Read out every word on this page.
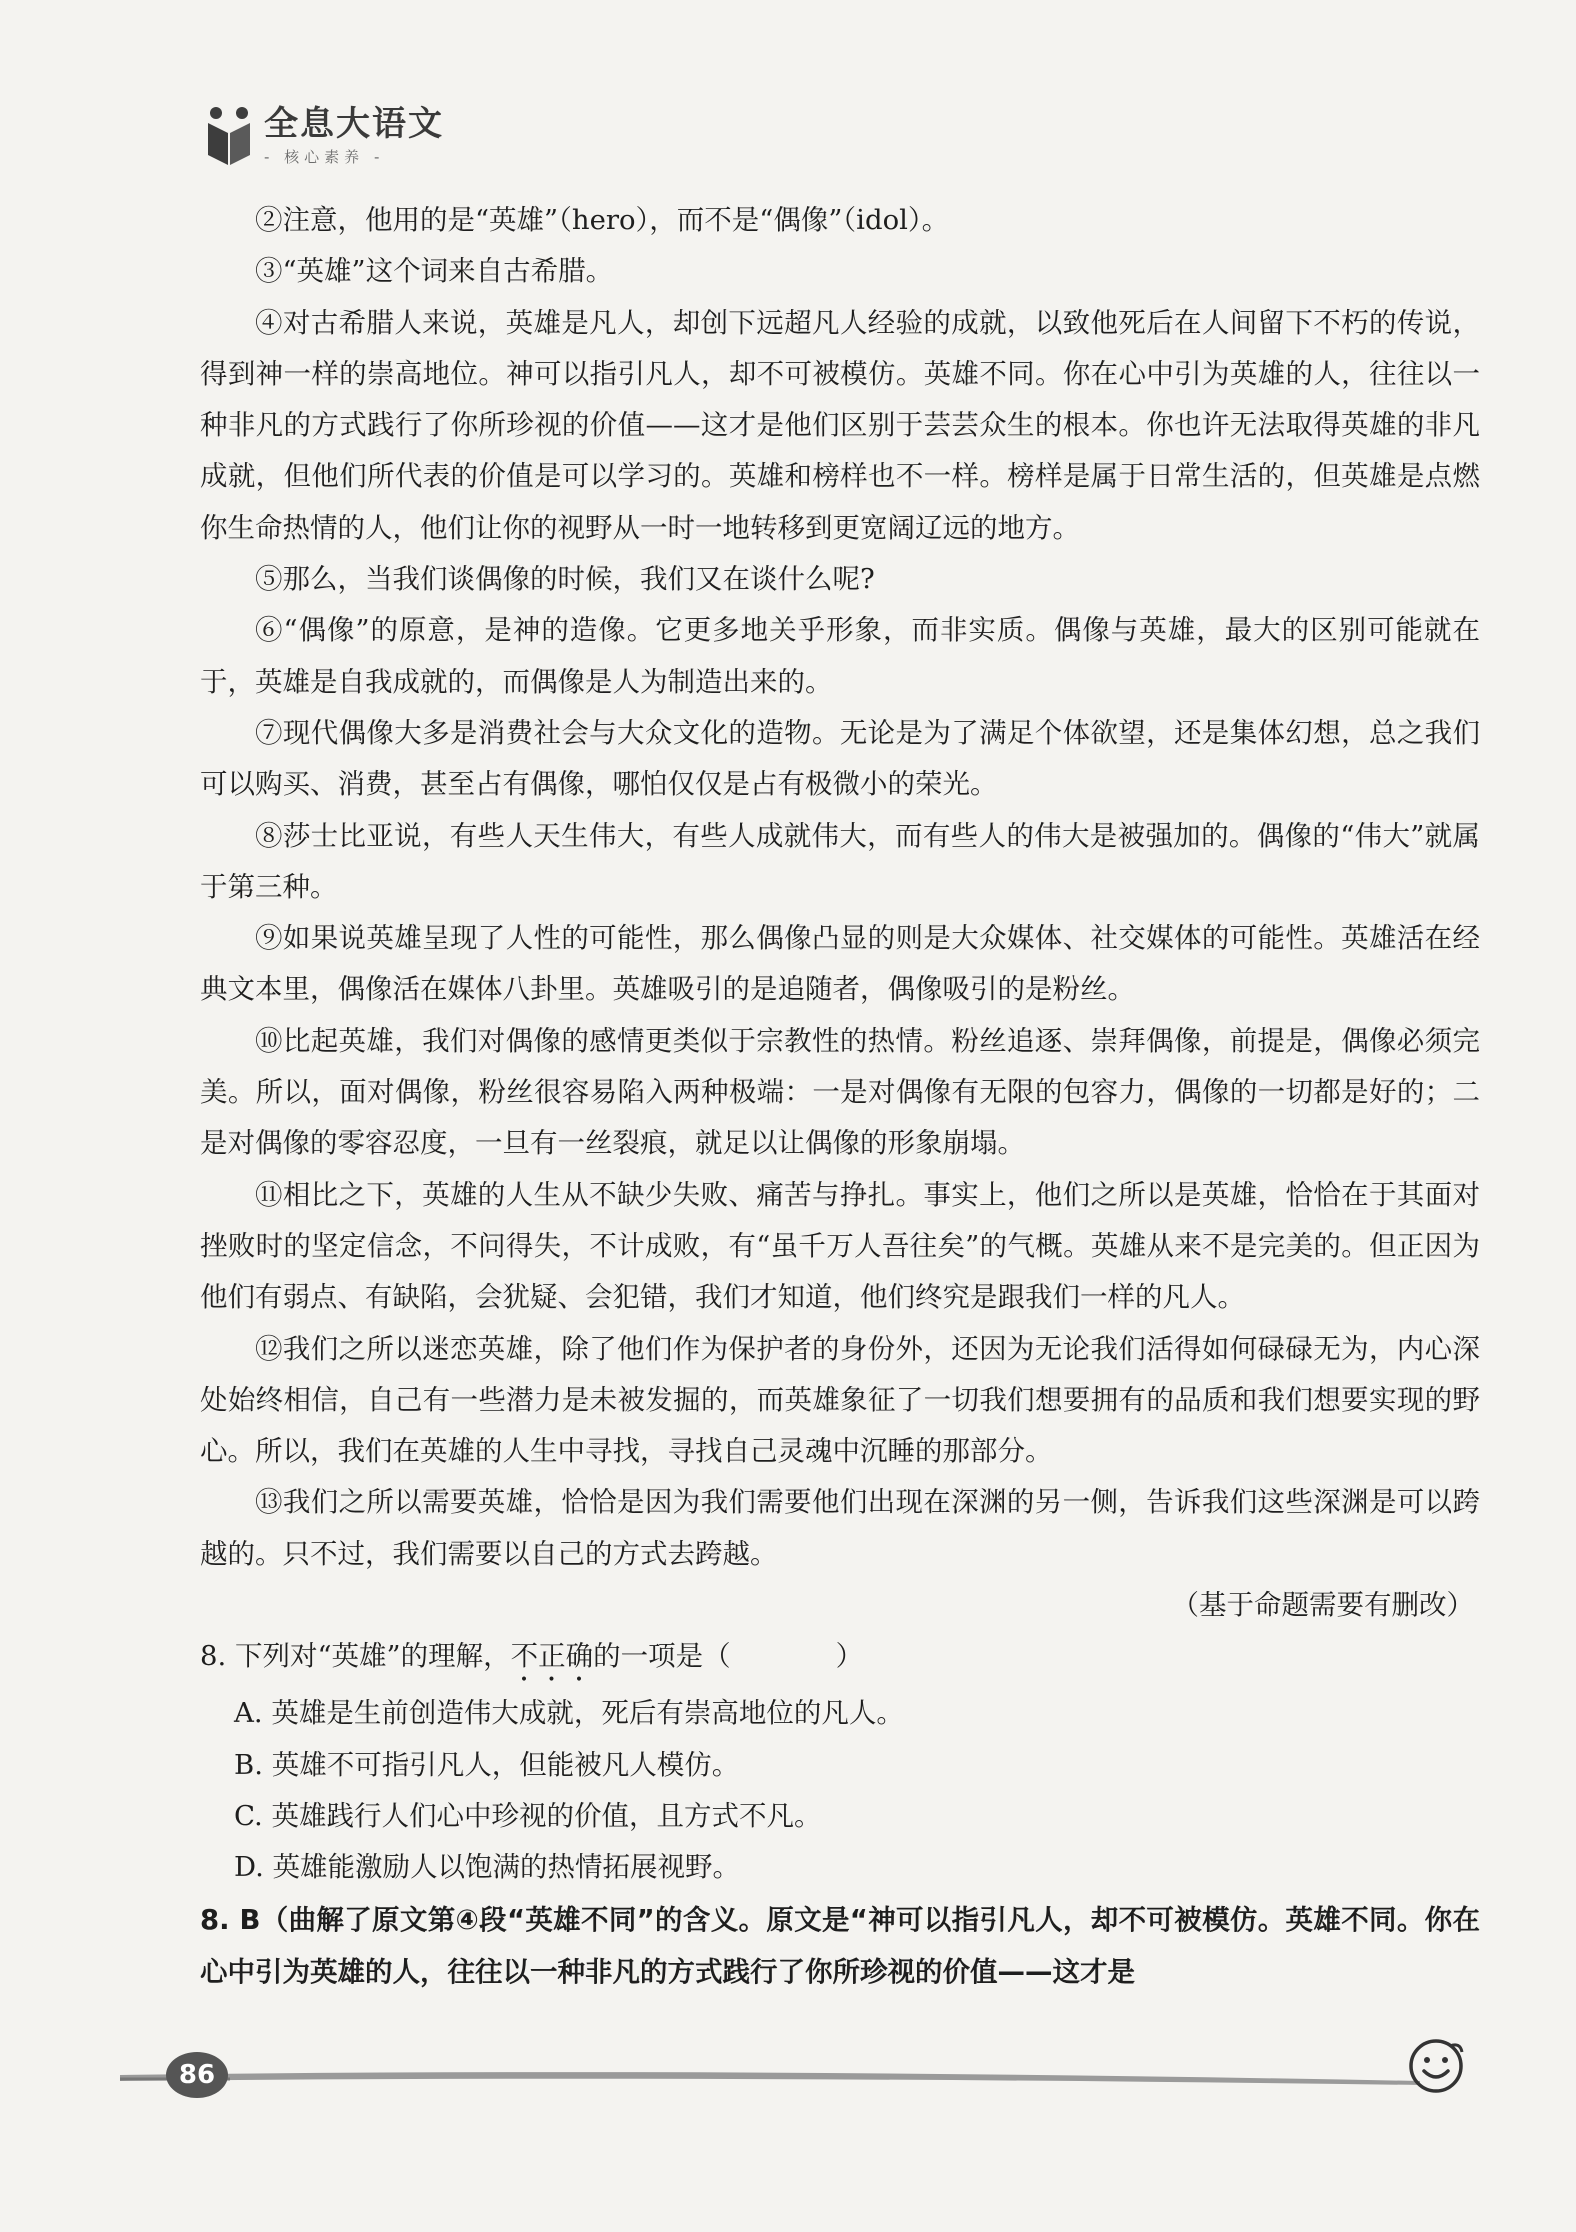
全息大语文
- 核心素养 -

②注意，他用的是“英雄”（hero），而不是“偶像”（idol）。

③“英雄”这个词来自古希腊。

④对古希腊人来说，英雄是凡人，却创下远超凡人经验的成就，以致他死后在人间留下不朽的传说，得到神一样的崇高地位。神可以指引凡人，却不可被模仿。英雄不同。你在心中引为英雄的人，往往以一种非凡的方式践行了你所珍视的价值——这才是他们区别于芸芸众生的根本。你也许无法取得英雄的非凡成就，但他们所代表的价值是可以学习的。英雄和榜样也不一样。榜样是属于日常生活的，但英雄是点燃你生命热情的人，他们让你的视野从一时一地转移到更宽阔辽远的地方。

⑤那么，当我们谈偶像的时候，我们又在谈什么呢?

⑥“偶像”的原意，是神的造像。它更多地关乎形象，而非实质。偶像与英雄，最大的区别可能就在于，英雄是自我成就的，而偶像是人为制造出来的。

⑦现代偶像大多是消费社会与大众文化的造物。无论是为了满足个体欲望，还是集体幻想，总之我们可以购买、消费，甚至占有偶像，哪怕仅仅是占有极微小的荣光。

⑧莎士比亚说，有些人天生伟大，有些人成就伟大，而有些人的伟大是被强加的。偶像的“伟大”就属于第三种。

⑨如果说英雄呈现了人性的可能性，那么偶像凸显的则是大众媒体、社交媒体的可能性。英雄活在经典文本里，偶像活在媒体八卦里。英雄吸引的是追随者，偶像吸引的是粉丝。

⑩比起英雄，我们对偶像的感情更类似于宗教性的热情。粉丝追逐、崇拜偶像，前提是，偶像必须完美。所以，面对偶像，粉丝很容易陷入两种极端：一是对偶像有无限的包容力，偶像的一切都是好的；二是对偶像的零容忍度，一旦有一丝裂痕，就足以让偶像的形象崩塌。

⑪相比之下，英雄的人生从不缺少失败、痛苦与挣扎。事实上，他们之所以是英雄，恰恰在于其面对挫败时的坚定信念，不问得失，不计成败，有“虽千万人吾往矣”的气概。英雄从来不是完美的。但正因为他们有弱点、有缺陷，会犹疑、会犯错，我们才知道，他们终究是跟我们一样的凡人。

⑫我们之所以迷恋英雄，除了他们作为保护者的身份外，还因为无论我们活得如何碌碌无为，内心深处始终相信，自己有一些潜力是未被发掘的，而英雄象征了一切我们想要拥有的品质和我们想要实现的野心。所以，我们在英雄的人生中寻找，寻找自己灵魂中沉睡的那部分。

⑬我们之所以需要英雄，恰恰是因为我们需要他们出现在深渊的另一侧，告诉我们这些深渊是可以跨越的。只不过，我们需要以自己的方式去跨越。

（基于命题需要有删改）

8. 下列对“英雄”的理解，不正确的一项是（	）

A. 英雄是生前创造伟大成就，死后有崇高地位的凡人。

B. 英雄不可指引凡人，但能被凡人模仿。

C. 英雄践行人们心中珍视的价值，且方式不凡。

D. 英雄能激励人以饱满的热情拓展视野。

8. B（曲解了原文第④段“英雄不同”的含义。原文是“神可以指引凡人，却不可被模仿。英雄不同。你在心中引为英雄的人，往往以一种非凡的方式践行了你所珍视的价值——这才是

86
